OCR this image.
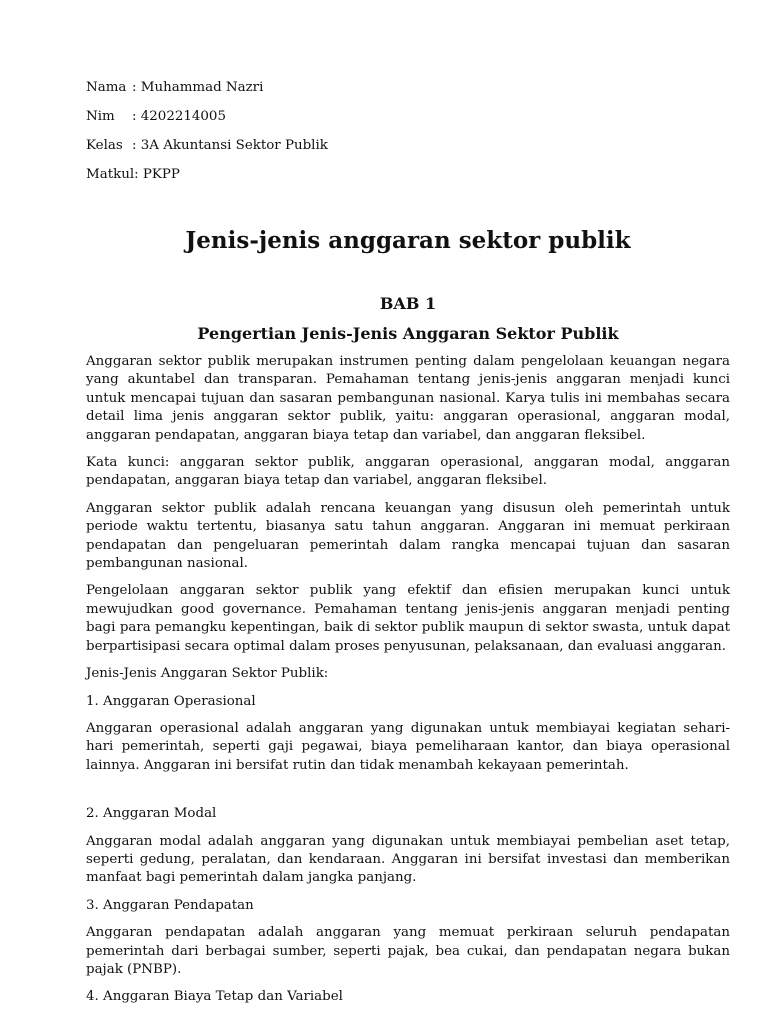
Nama : Muhammad Nazri
Nim	: 4202214005
Kelas : 3A Akuntansi Sektor Publik
Matkul: PKPP
Jenis-jenis anggaran sektor publik
BAB 1
Pengertian Jenis-Jenis Anggaran Sektor Publik

Anggaran sektor publik merupakan instrumen penting dalam pengelolaan keuangan negara yang akuntabel dan transparan. Pemahaman tentang jenis-jenis anggaran menjadi kunci untuk mencapai tujuan dan sasaran pembangunan nasional. Karya tulis ini membahas secara detail lima jenis anggaran sektor publik, yaitu: anggaran operasional, anggaran modal, anggaran pendapatan, anggaran biaya tetap dan variabel, dan anggaran fleksibel.

Kata kunci: anggaran sektor publik, anggaran operasional, anggaran modal, anggaran pendapatan, anggaran biaya tetap dan variabel, anggaran fleksibel.

Anggaran sektor publik adalah rencana keuangan yang disusun oleh pemerintah untuk periode waktu tertentu, biasanya satu tahun anggaran. Anggaran ini memuat perkiraan pendapatan dan pengeluaran pemerintah dalam rangka mencapai tujuan dan sasaran pembangunan nasional.

Pengelolaan anggaran sektor publik yang efektif dan efisien merupakan kunci untuk mewujudkan good governance. Pemahaman tentang jenis-jenis anggaran menjadi penting bagi para pemangku kepentingan, baik di sektor publik maupun di sektor swasta, untuk dapat berpartisipasi secara optimal dalam proses penyusunan, pelaksanaan, dan evaluasi anggaran.

Jenis-Jenis Anggaran Sektor Publik:

1. Anggaran Operasional

Anggaran operasional adalah anggaran yang digunakan untuk membiayai kegiatan sehari-hari pemerintah, seperti gaji pegawai, biaya pemeliharaan kantor, dan biaya operasional lainnya. Anggaran ini bersifat rutin dan tidak menambah kekayaan pemerintah.

2. Anggaran Modal

Anggaran modal adalah anggaran yang digunakan untuk membiayai pembelian aset tetap, seperti gedung, peralatan, dan kendaraan. Anggaran ini bersifat investasi dan memberikan manfaat bagi pemerintah dalam jangka panjang.

3. Anggaran Pendapatan

Anggaran pendapatan adalah anggaran yang memuat perkiraan seluruh pendapatan pemerintah dari berbagai sumber, seperti pajak, bea cukai, dan pendapatan negara bukan pajak (PNBP).

4. Anggaran Biaya Tetap dan Variabel
